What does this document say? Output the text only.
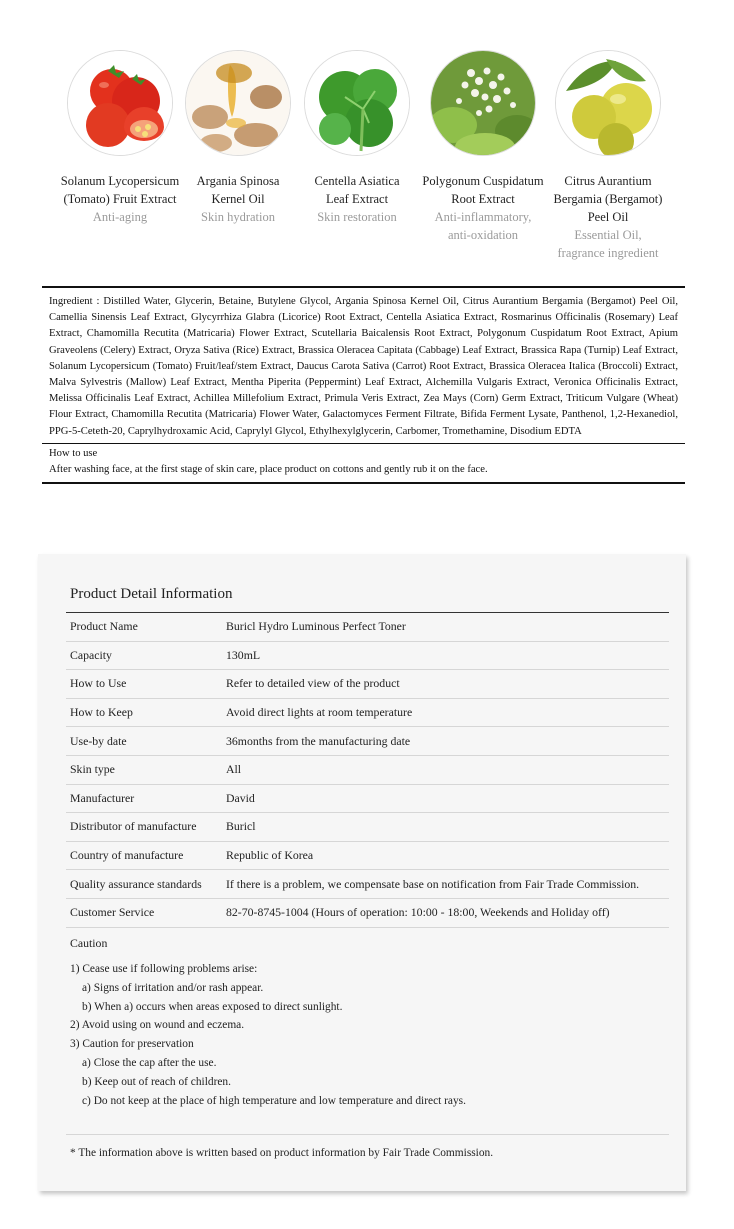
Solanum Lycopersicum
(Tomato) Fruit Extract
Anti-aging
Argania Spinosa
Kernel Oil
Skin hydration
Centella Asiatica
Leaf Extract
Skin restoration
Polygonum Cuspidatum
Root Extract
Anti-inflammatory,
anti-oxidation
Citrus Aurantium
Bergamia (Bergamot)
Peel Oil
Essential Oil,
fragrance ingredient
Ingredient : Distilled Water, Glycerin, Betaine, Butylene Glycol, Argania Spinosa Kernel Oil, Citrus Aurantium Bergamia (Bergamot) Peel Oil, Camellia Sinensis Leaf Extract, Glycyrrhiza Glabra (Licorice) Root Extract, Centella Asiatica Extract, Rosmarinus Officinalis (Rosemary) Leaf Extract, Chamomilla Recutita (Matricaria) Flower Extract, Scutellaria Baicalensis Root Extract, Polygonum Cuspidatum Root Extract, Apium Graveolens (Celery) Extract, Oryza Sativa (Rice) Extract, Brassica Oleracea Capitata (Cabbage) Leaf Extract, Brassica Rapa (Turnip) Leaf Extract, Solanum Lycopersicum (Tomato) Fruit/leaf/stem Extract, Daucus Carota Sativa (Carrot) Root Extract, Brassica Oleracea Italica (Broccoli) Extract, Malva Sylvestris (Mallow) Leaf Extract, Mentha Piperita (Peppermint) Leaf Extract, Alchemilla Vulgaris Extract, Veronica Officinalis Extract, Melissa Officinalis Leaf Extract, Achillea Millefolium Extract, Primula Veris Extract, Zea Mays (Corn) Germ Extract, Triticum Vulgare (Wheat) Flour Extract, Chamomilla Recutita (Matricaria) Flower Water, Galactomyces Ferment Filtrate, Bifida Ferment Lysate, Panthenol, 1,2-Hexanediol, PPG-5-Ceteth-20, Caprylhydroxamic Acid, Caprylyl Glycol, Ethylhexylglycerin, Carbomer, Tromethamine, Disodium EDTA
How to use
After washing face, at the first stage of skin care, place product on cottons and gently rub it on the face.
Product Detail Information
Product Name	Buricl Hydro Luminous Perfect Toner
Capacity	130mL
How to Use	Refer to detailed view of the product
How to Keep	Avoid direct lights at room temperature
Use-by date	36months from the manufacturing date
Skin type	All
Manufacturer	David
Distributor of manufacture	Buricl
Country of manufacture	Republic of Korea
Quality assurance standards	If there is a problem, we compensate base on notification from Fair Trade Commission.
Customer Service	82-70-8745-1004 (Hours of operation: 10:00 - 18:00, Weekends and Holiday off)
Caution
1) Cease use if following problems arise:
a) Signs of irritation and/or rash appear.
b) When a) occurs when areas exposed to direct sunlight.
2) Avoid using on wound and eczema.
3) Caution for preservation
a) Close the cap after the use.
b) Keep out of reach of children.
c) Do not keep at the place of high temperature and low temperature and direct rays.
* The information above is written based on product information by Fair Trade Commission.
